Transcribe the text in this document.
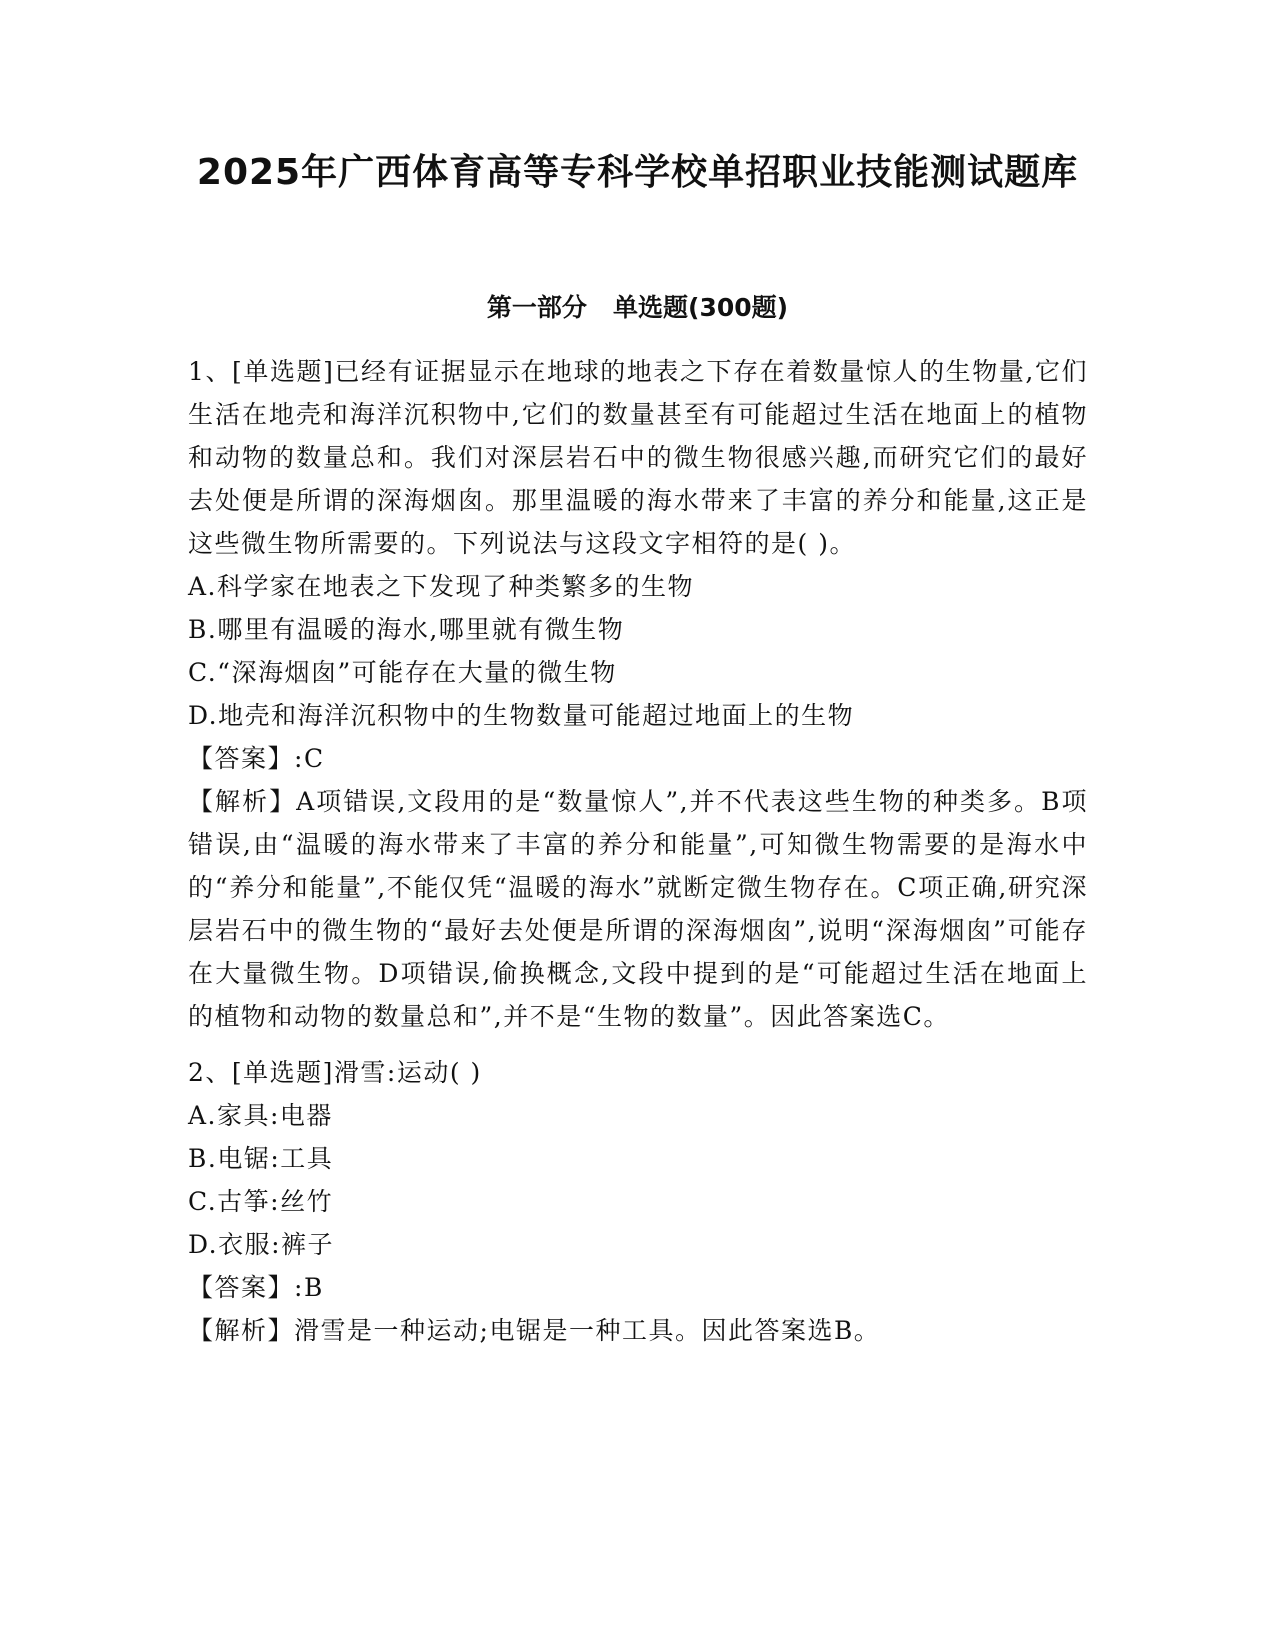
2025年广西体育高等专科学校单招职业技能测试题库
第一部分 单选题(300题)

1、[单选题]已经有证据显示在地球的地表之下存在着数量惊人的生物量,它们生活在地壳和海洋沉积物中,它们的数量甚至有可能超过生活在地面上的植物和动物的数量总和。我们对深层岩石中的微生物很感兴趣,而研究它们的最好去处便是所谓的深海烟囱。那里温暖的海水带来了丰富的养分和能量,这正是这些微生物所需要的。下列说法与这段文字相符的是( )。

A.科学家在地表之下发现了种类繁多的生物

B.哪里有温暖的海水,哪里就有微生物

C.“深海烟囱”可能存在大量的微生物

D.地壳和海洋沉积物中的生物数量可能超过地面上的生物

【答案】:C

【解析】A项错误,文段用的是“数量惊人”,并不代表这些生物的种类多。B项错误,由“温暖的海水带来了丰富的养分和能量”,可知微生物需要的是海水中的“养分和能量”,不能仅凭“温暖的海水”就断定微生物存在。C项正确,研究深层岩石中的微生物的“最好去处便是所谓的深海烟囱”,说明“深海烟囱”可能存在大量微生物。D项错误,偷换概念,文段中提到的是“可能超过生活在地面上的植物和动物的数量总和”,并不是“生物的数量”。因此答案选C。

2、[单选题]滑雪:运动( )

A.家具:电器

B.电锯:工具

C.古筝:丝竹

D.衣服:裤子

【答案】:B

【解析】滑雪是一种运动;电锯是一种工具。因此答案选B。
